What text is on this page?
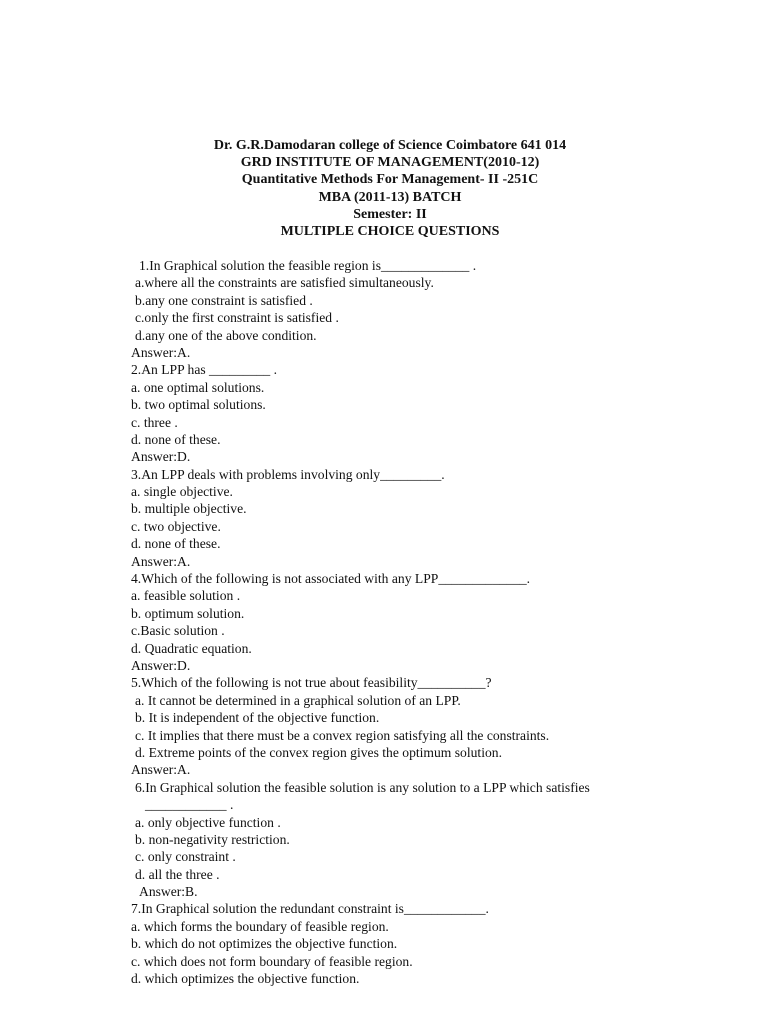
Dr. G.R.Damodaran college of Science Coimbatore 641 014
GRD INSTITUTE OF MANAGEMENT(2010-12)
Quantitative Methods For Management- II -251C
MBA (2011-13) BATCH
Semester: II
MULTIPLE CHOICE QUESTIONS
1.In Graphical solution the feasible region is_____________ .
a.where all the constraints are satisfied simultaneously.
b.any one constraint is satisfied .
c.only the first constraint is satisfied .
d.any one of the above condition.
Answer:A.
2.An LPP has _________ .
a. one optimal solutions.
b. two optimal solutions.
c. three .
d. none of these.
Answer:D.
3.An LPP deals with problems involving only_________.
a. single objective.
b. multiple objective.
c. two objective.
d. none of these.
Answer:A.
4.Which of the following is not associated with any LPP_____________.
a. feasible solution .
b. optimum solution.
c.Basic solution .
d. Quadratic equation.
Answer:D.
5.Which of the following is not true about feasibility__________?
a. It cannot be determined in a graphical solution of an LPP.
b. It is independent of the objective function.
c. It implies that there must be a convex region satisfying all the constraints.
d. Extreme points of the convex region gives the optimum solution.
Answer:A.
6.In Graphical solution the feasible solution is any solution to a LPP which satisfies
____________ .
a. only objective function .
b. non-negativity restriction.
c. only constraint .
d. all the three .
Answer:B.
7.In Graphical solution the redundant constraint is____________.
a. which forms the boundary of feasible region.
b. which do not optimizes the objective function.
c. which does not form boundary of feasible region.
d. which optimizes the objective function.
